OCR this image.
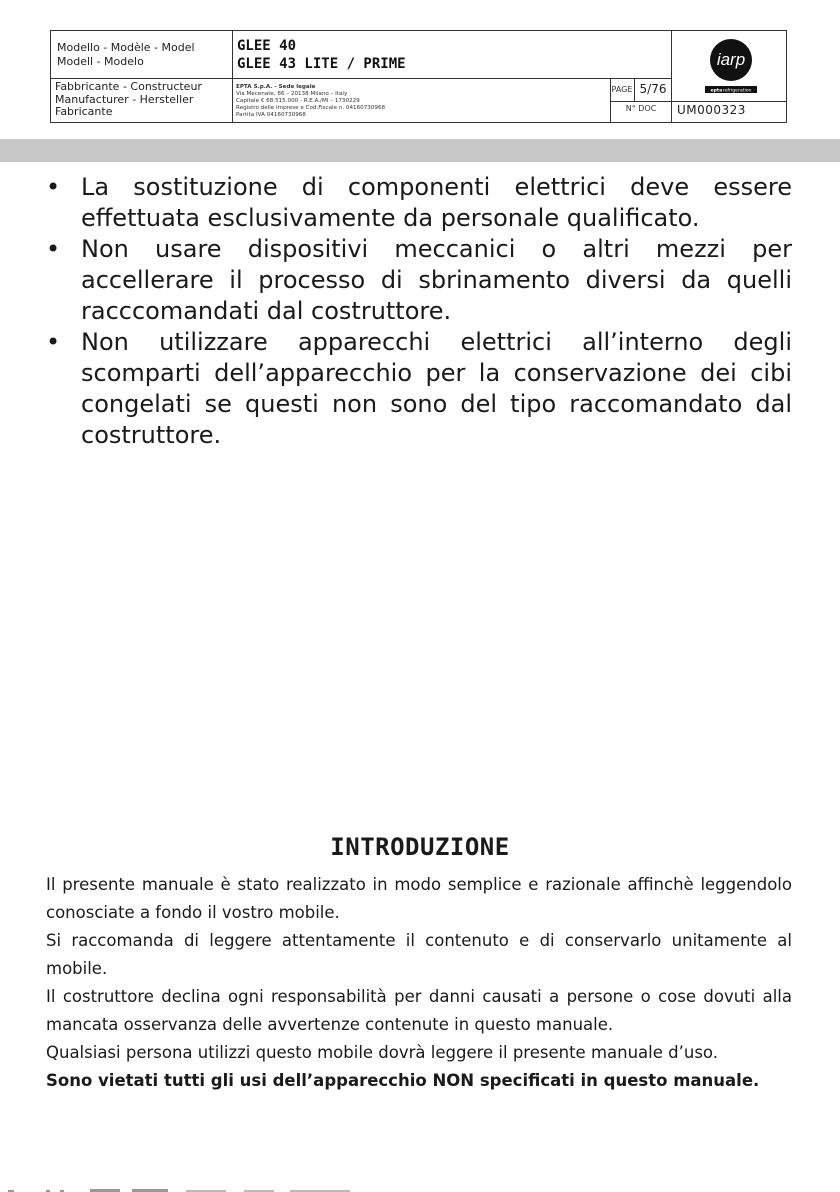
Modello - Modèle - Model
Modell - Modelo
GLEE 40
GLEE 43 LITE / PRIME
Fabbricante - Constructeur
Manufacturer - Hersteller
Fabricante
EPTA S.p.A. - Sede legale
Via Mecenate, 86 – 20138 Milano – Italy
Capitale € 68.515.000 - R.E.A./MI – 1730229
Registro delle Imprese e Cod.Fiscale n. 04160730968
Partita IVA 04160730968
PAGE 5/76
N° DOC	UM000323
iarp
eptarefrigeration
• La sostituzione di componenti elettrici deve essere effettuata esclusivamente da personale qualificato.
• Non usare dispositivi meccanici o altri mezzi per accellerare il processo di sbrinamento diversi da quelli racccomandati dal costruttore.
• Non utilizzare apparecchi elettrici all’interno degli scomparti dell’apparecchio per la conservazione dei cibi congelati se questi non sono del tipo raccomandato dal costruttore.
INTRODUZIONE

Il presente manuale è stato realizzato in modo semplice e razionale affinchè leggendolo conosciate a fondo il vostro mobile.

Si raccomanda di leggere attentamente il contenuto e di conservarlo unitamente al mobile.

Il costruttore declina ogni responsabilità per danni causati a persone o cose dovuti alla mancata osservanza delle avvertenze contenute in questo manuale.

Qualsiasi persona utilizzi questo mobile dovrà leggere il presente manuale d’uso.

Sono vietati tutti gli usi dell’apparecchio NON specificati in questo manuale.
